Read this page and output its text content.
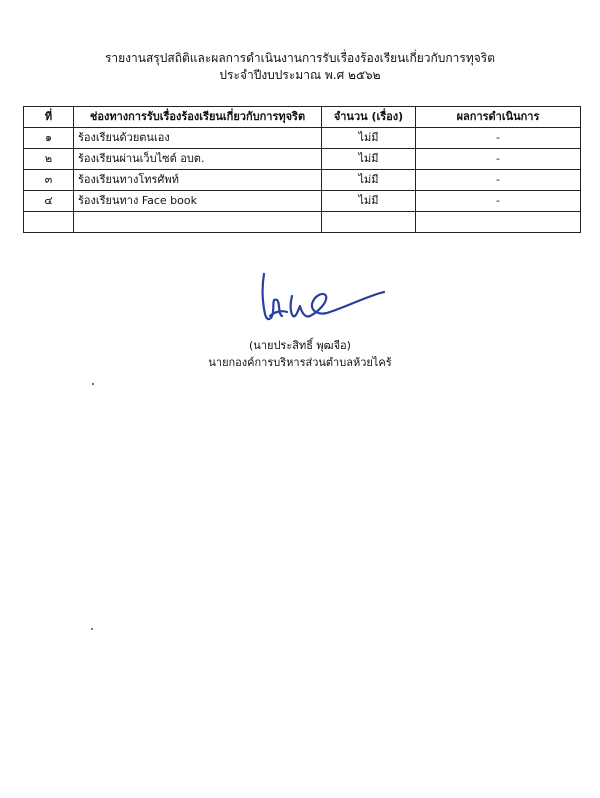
รายงานสรุปสถิติและผลการดำเนินงานการรับเรื่องร้องเรียนเกี่ยวกับการทุจริต
ประจำปีงบประมาณ พ.ศ ๒๕๖๒
ที่	ช่องทางการรับเรื่องร้องเรียนเกี่ยวกับการทุจริต	จำนวน (เรื่อง)	ผลการดำเนินการ
๑	ร้องเรียนด้วยตนเอง	ไม่มี	-
๒	ร้องเรียนผ่านเว็บไซต์ อบต.	ไม่มี	-
๓	ร้องเรียนทางโทรศัพท์	ไม่มี	-
๔	ร้องเรียนทาง Face book	ไม่มี	-

(นายประสิทธิ์ พุฒจีอ)
นายกองค์การบริหารส่วนตำบลห้วยไคร้
